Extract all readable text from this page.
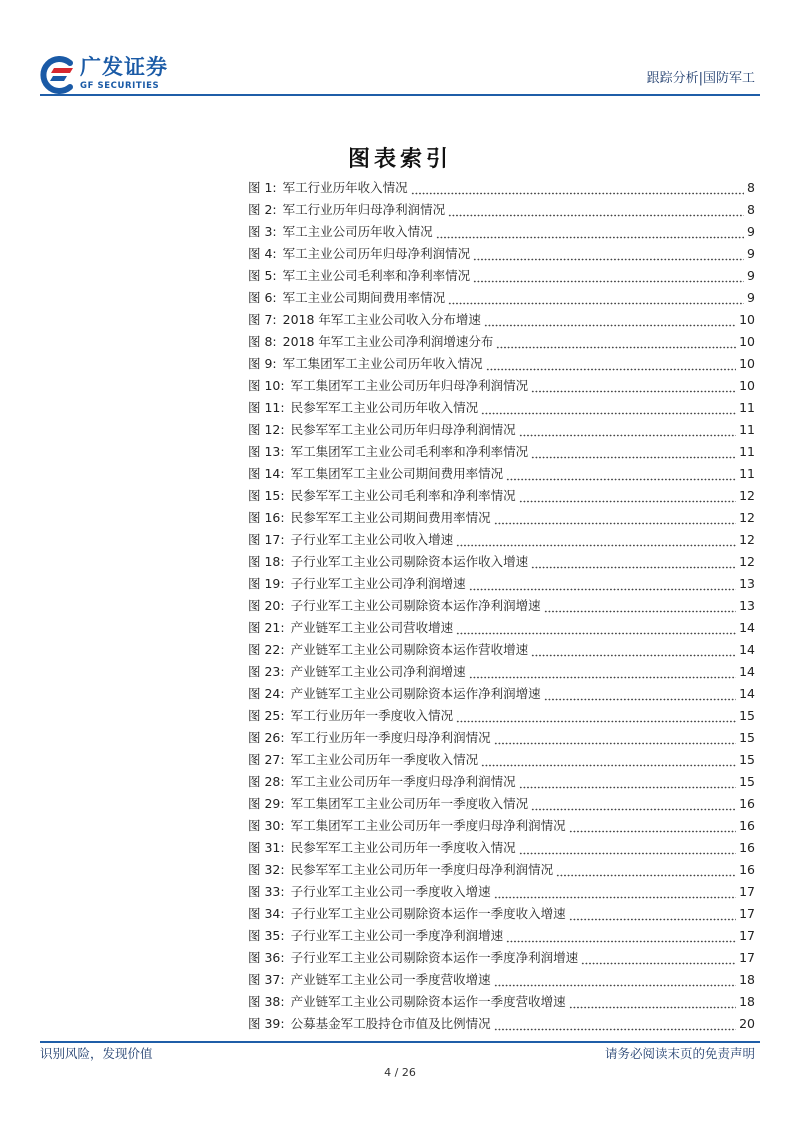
广发证券
GF SECURITIES	跟踪分析|国防军工
图表索引
图 1: 军工行业历年收入情况	8
图 2: 军工行业历年归母净利润情况	8
图 3: 军工主业公司历年收入情况	9
图 4: 军工主业公司历年归母净利润情况	9
图 5: 军工主业公司毛利率和净利率情况	9
图 6: 军工主业公司期间费用率情况	9
图 7: 2018 年军工主业公司收入分布增速	10
图 8: 2018 年军工主业公司净利润增速分布	10
图 9: 军工集团军工主业公司历年收入情况	10
图 10: 军工集团军工主业公司历年归母净利润情况	10
图 11: 民参军军工主业公司历年收入情况	11
图 12: 民参军军工主业公司历年归母净利润情况	11
图 13: 军工集团军工主业公司毛利率和净利率情况	11
图 14: 军工集团军工主业公司期间费用率情况	11
图 15: 民参军军工主业公司毛利率和净利率情况	12
图 16: 民参军军工主业公司期间费用率情况	12
图 17: 子行业军工主业公司收入增速	12
图 18: 子行业军工主业公司剔除资本运作收入增速	12
图 19: 子行业军工主业公司净利润增速	13
图 20: 子行业军工主业公司剔除资本运作净利润增速	13
图 21: 产业链军工主业公司营收增速	14
图 22: 产业链军工主业公司剔除资本运作营收增速	14
图 23: 产业链军工主业公司净利润增速	14
图 24: 产业链军工主业公司剔除资本运作净利润增速	14
图 25: 军工行业历年一季度收入情况	15
图 26: 军工行业历年一季度归母净利润情况	15
图 27: 军工主业公司历年一季度收入情况	15
图 28: 军工主业公司历年一季度归母净利润情况	15
图 29: 军工集团军工主业公司历年一季度收入情况	16
图 30: 军工集团军工主业公司历年一季度归母净利润情况	16
图 31: 民参军军工主业公司历年一季度收入情况	16
图 32: 民参军军工主业公司历年一季度归母净利润情况	16
图 33: 子行业军工主业公司一季度收入增速	17
图 34: 子行业军工主业公司剔除资本运作一季度收入增速	17
图 35: 子行业军工主业公司一季度净利润增速	17
图 36: 子行业军工主业公司剔除资本运作一季度净利润增速	17
图 37: 产业链军工主业公司一季度营收增速	18
图 38: 产业链军工主业公司剔除资本运作一季度营收增速	18
图 39: 公募基金军工股持仓市值及比例情况	20
识别风险，发现价值	请务必阅读末页的免责声明
4 / 26
